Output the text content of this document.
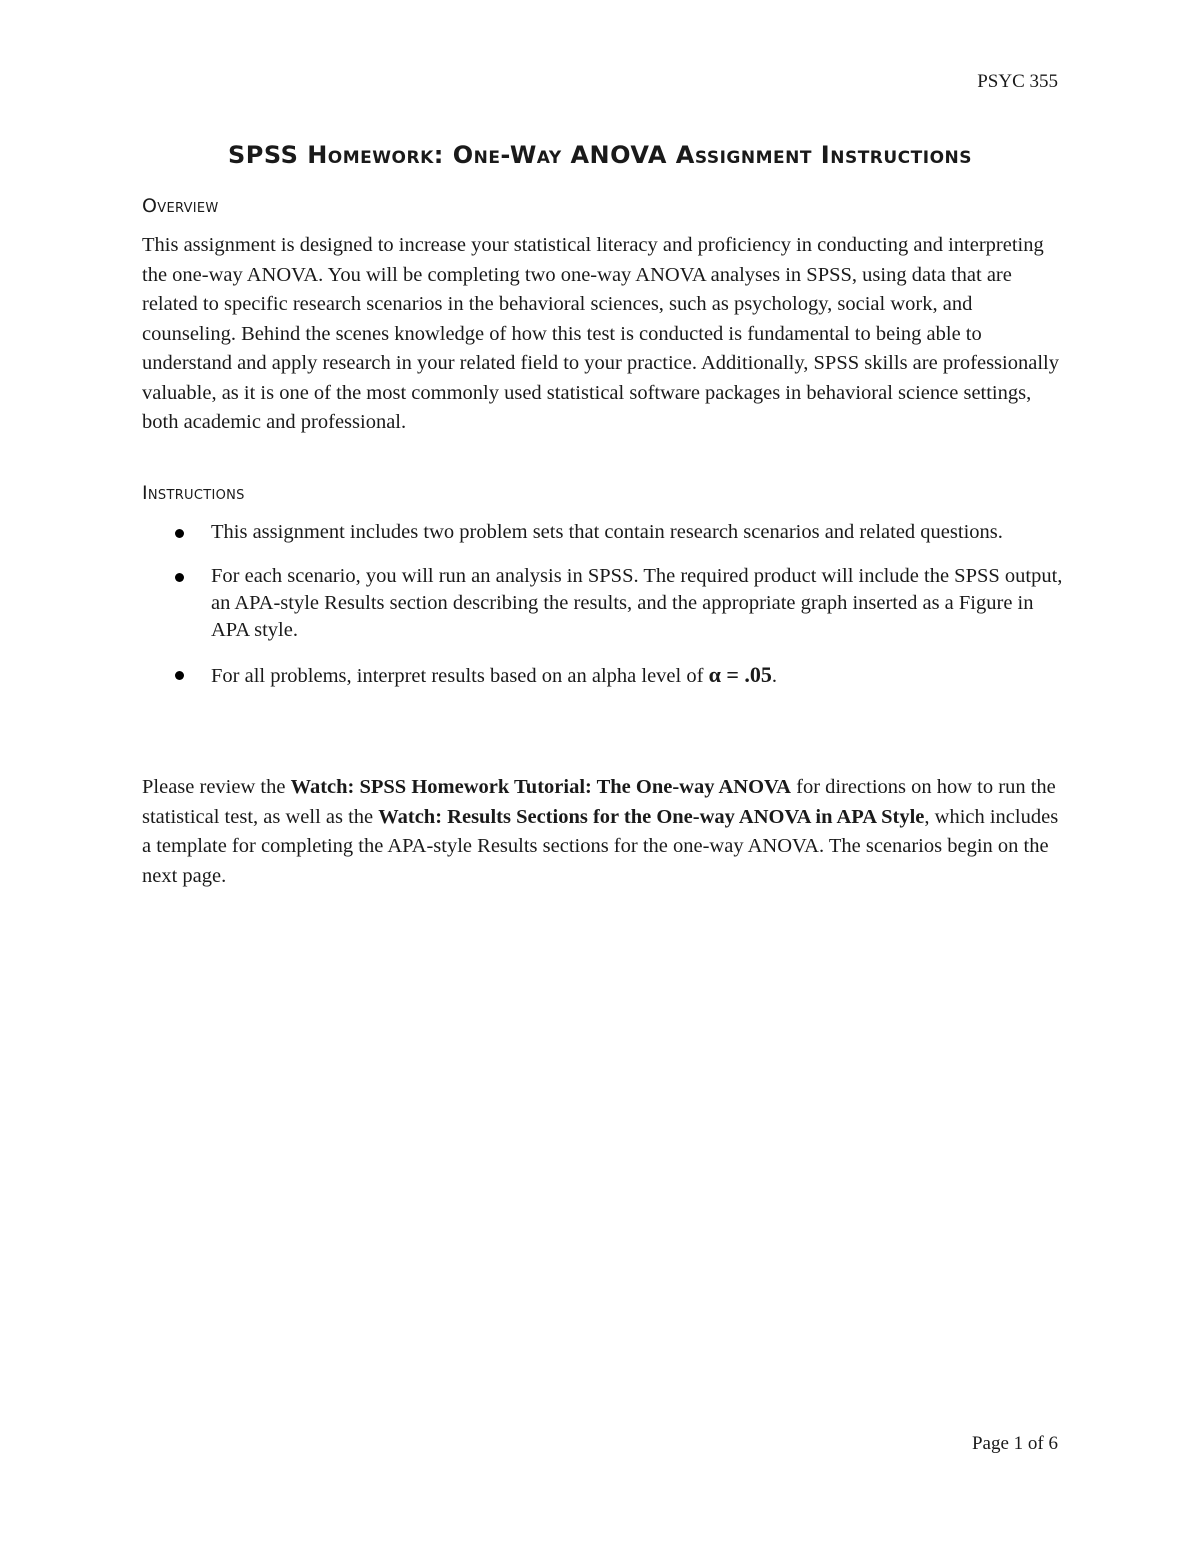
PSYC 355
SPSS Homework: One-Way ANOVA Assignment Instructions
Overview
This assignment is designed to increase your statistical literacy and proficiency in conducting and interpreting the one-way ANOVA. You will be completing two one-way ANOVA analyses in SPSS, using data that are related to specific research scenarios in the behavioral sciences, such as psychology, social work, and counseling. Behind the scenes knowledge of how this test is conducted is fundamental to being able to understand and apply research in your related field to your practice. Additionally, SPSS skills are professionally valuable, as it is one of the most commonly used statistical software packages in behavioral science settings, both academic and professional.
Instructions
This assignment includes two problem sets that contain research scenarios and related questions.
For each scenario, you will run an analysis in SPSS. The required product will include the SPSS output, an APA-style Results section describing the results, and the appropriate graph inserted as a Figure in APA style.
For all problems, interpret results based on an alpha level of α = .05.
Please review the Watch: SPSS Homework Tutorial: The One-way ANOVA for directions on how to run the statistical test, as well as the Watch: Results Sections for the One-way ANOVA in APA Style, which includes a template for completing the APA-style Results sections for the one-way ANOVA. The scenarios begin on the next page.
Page 1 of 6
